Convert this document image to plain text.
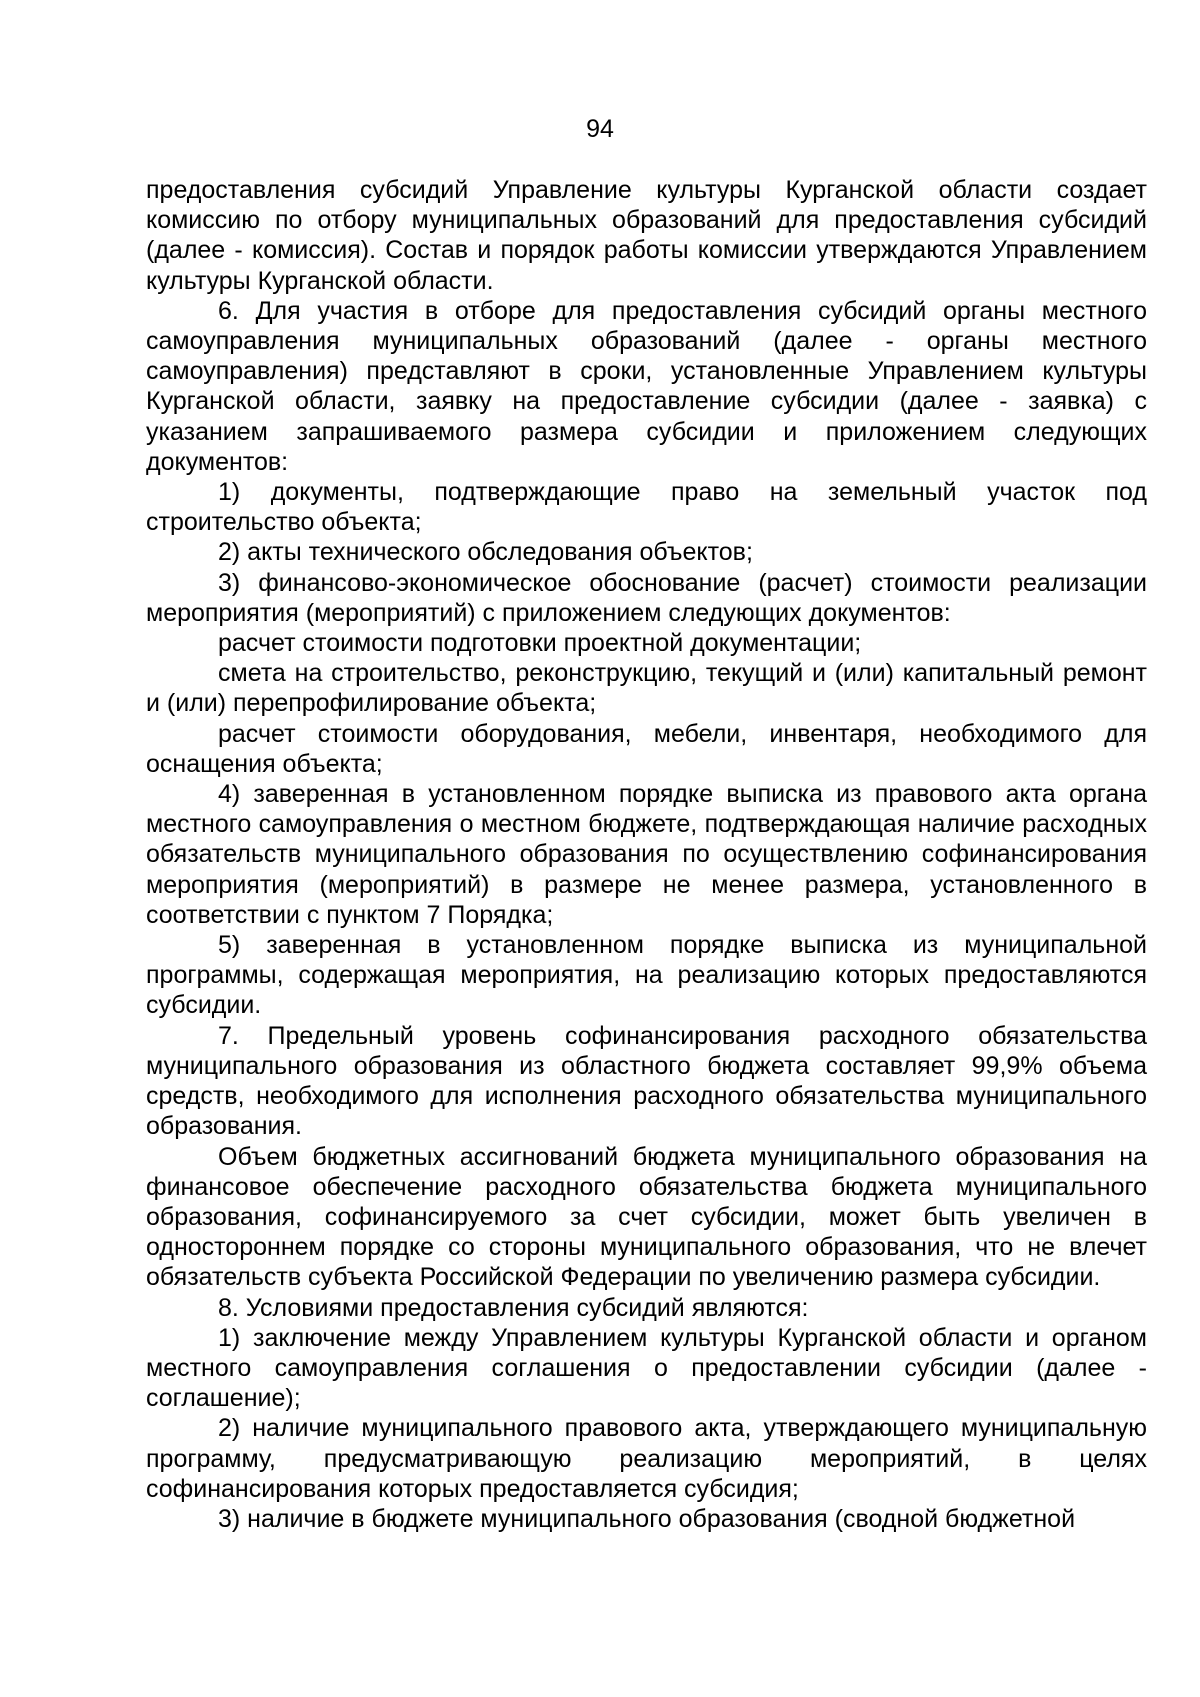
94

предоставления субсидий Управление культуры Курганской области создает комиссию по отбору муниципальных образований для предоставления субсидий (далее - комиссия). Состав и порядок работы комиссии утверждаются Управлением культуры Курганской области.

6. Для участия в отборе для предоставления субсидий органы местного самоуправления муниципальных образований (далее - органы местного самоуправления) представляют в сроки, установленные Управлением культуры Курганской области, заявку на предоставление субсидии (далее - заявка) с указанием запрашиваемого размера субсидии и приложением следующих документов:

1) документы, подтверждающие право на земельный участок под строительство объекта;

2) акты технического обследования объектов;

3) финансово-экономическое обоснование (расчет) стоимости реализации мероприятия (мероприятий) с приложением следующих документов:

расчет стоимости подготовки проектной документации;

смета на строительство, реконструкцию, текущий и (или) капитальный ремонт и (или) перепрофилирование объекта;

расчет стоимости оборудования, мебели, инвентаря, необходимого для оснащения объекта;

4) заверенная в установленном порядке выписка из правового акта органа местного самоуправления о местном бюджете, подтверждающая наличие расходных обязательств муниципального образования по осуществлению софинансирования мероприятия (мероприятий) в размере не менее размера, установленного в соответствии с пунктом 7 Порядка;

5) заверенная в установленном порядке выписка из муниципальной программы, содержащая мероприятия, на реализацию которых предоставляются субсидии.

7. Предельный уровень софинансирования расходного обязательства муниципального образования из областного бюджета составляет 99,9% объема средств, необходимого для исполнения расходного обязательства муниципального образования.

Объем бюджетных ассигнований бюджета муниципального образования на финансовое обеспечение расходного обязательства бюджета муниципального образования, софинансируемого за счет субсидии, может быть увеличен в одностороннем порядке со стороны муниципального образования, что не влечет обязательств субъекта Российской Федерации по увеличению размера субсидии.

8. Условиями предоставления субсидий являются:

1) заключение между Управлением культуры Курганской области и органом местного самоуправления соглашения о предоставлении субсидии (далее - соглашение);

2) наличие муниципального правового акта, утверждающего муниципальную программу, предусматривающую реализацию мероприятий, в целях софинансирования которых предоставляется субсидия;

3) наличие в бюджете муниципального образования (сводной бюджетной
